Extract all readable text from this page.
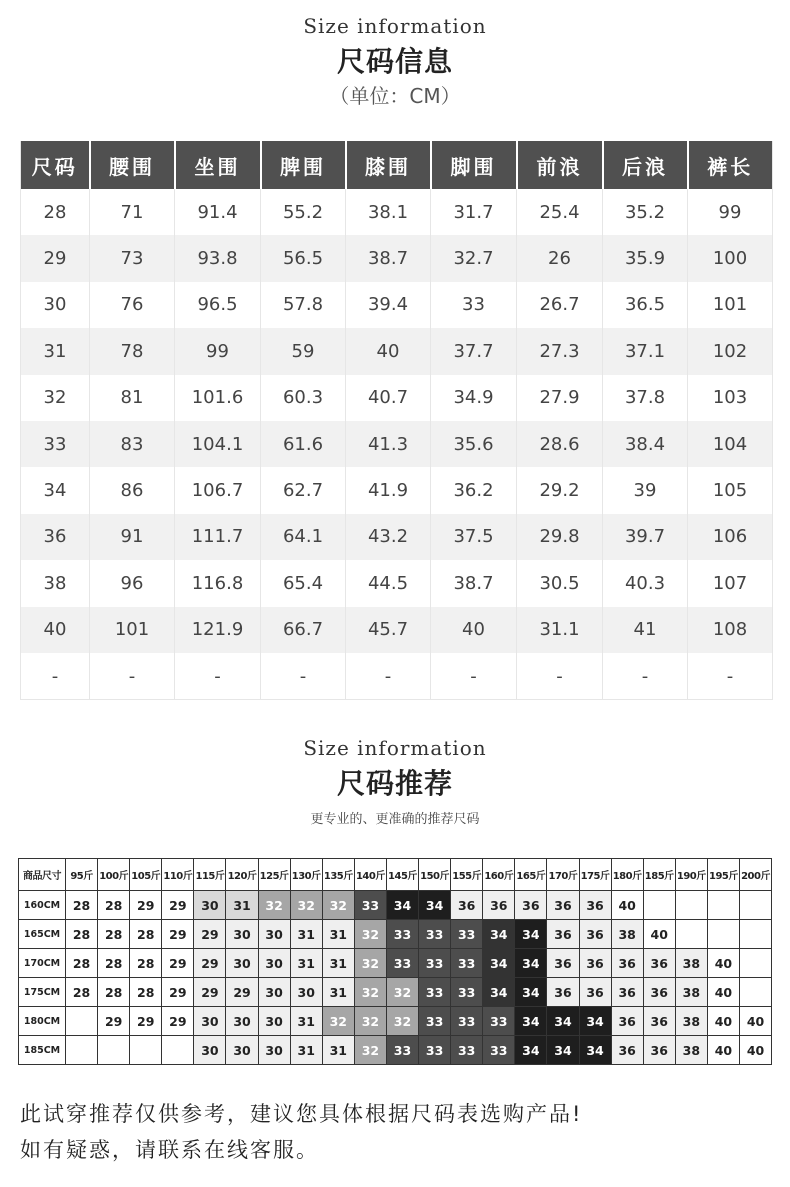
Size information
尺码信息
（单位：CM）
尺码	腰围	坐围	脾围	膝围	脚围	前浪	后浪	裤长
28	71	91.4	55.2	38.1	31.7	25.4	35.2	99
29	73	93.8	56.5	38.7	32.7	26	35.9	100
30	76	96.5	57.8	39.4	33	26.7	36.5	101
31	78	99	59	40	37.7	27.3	37.1	102
32	81	101.6	60.3	40.7	34.9	27.9	37.8	103
33	83	104.1	61.6	41.3	35.6	28.6	38.4	104
34	86	106.7	62.7	41.9	36.2	29.2	39	105
36	91	111.7	64.1	43.2	37.5	29.8	39.7	106
38	96	116.8	65.4	44.5	38.7	30.5	40.3	107
40	101	121.9	66.7	45.7	40	31.1	41	108
-	-	-	-	-	-	-	-	-
Size information
尺码推荐
更专业的、更准确的推荐尺码
商品尺寸	95斤	100斤	105斤	110斤	115斤	120斤	125斤	130斤	135斤	140斤	145斤	150斤	155斤	160斤	165斤	170斤	175斤	180斤	185斤	190斤	195斤	200斤
160CM	28	28	29	29	30	31	32	32	32	33	34	34	36	36	36	36	36	40				
165CM	28	28	28	29	29	30	30	31	31	32	33	33	33	34	34	36	36	38	40			
170CM	28	28	28	29	29	30	30	31	31	32	33	33	33	34	34	36	36	36	36	38	40	
175CM	28	28	28	29	29	29	30	30	31	32	32	33	33	34	34	36	36	36	36	38	40	
180CM		29	29	29	30	30	30	31	32	32	32	33	33	33	34	34	34	36	36	38	40	40
185CM					30	30	30	31	31	32	33	33	33	33	34	34	34	36	36	38	40	40
此试穿推荐仅供参考，建议您具体根据尺码表选购产品!
如有疑惑，请联系在线客服。
